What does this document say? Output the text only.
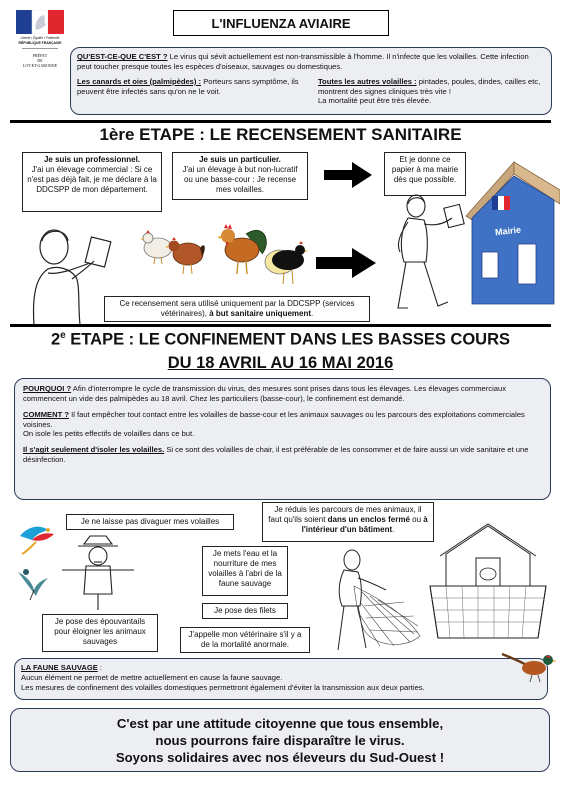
Liberté • Égalité • Fraternité
RÉPUBLIQUE FRANÇAISE
PRÉFET
DE
LOT-ET-GARONNE
L'INFLUENZA AVIAIRE
QU'EST-CE-QUE C'EST ? Le virus qui sévit actuellement est non-transmissible à l'homme. Il n'infecte que les volailles. Cette infection peut toucher presque toutes les espèces d'oiseaux, sauvages ou domestiques.
Les canards et oies (palmipèdes) : Porteurs sans symptôme, ils peuvent être infectés sans qu'on ne le voit.
Toutes les autres volailles : pintades, poules, dindes, cailles etc, montrent des signes cliniques très vite !
La mortalité peut être très élevée.
1ère ETAPE : LE RECENSEMENT SANITAIRE
Je suis un professionnel.
J'ai un élevage commercial : Si ce n'est pas déjà fait, je me déclare à la DDCSPP de mon département.
Je suis un particulier.
J'ai un élevage à but non-lucratif ou une basse-cour : Je recense mes volailles.
Et je donne ce papier à ma mairie dès que possible.
Mairie
Ce recensement sera utilisé uniquement par la DDCSPP (services vétérinaires), à but sanitaire uniquement.
2e ETAPE : LE CONFINEMENT DANS LES BASSES COURS
DU 18 AVRIL AU 16 MAI 2016
POURQUOI ? Afin d'interrompre le cycle de transmission du virus, des mesures sont prises dans tous les élevages. Les élevages commerciaux commencent un vide des palmipèdes au 18 avril. Chez les particuliers (basse-cour), le confinement est demandé.
COMMENT ? Il faut empêcher tout contact entre les volailles de basse-cour et les animaux sauvages ou les parcours des exploitations commerciales voisines.
On isole les petits effectifs de volailles dans ce but.
Il s'agit seulement d'isoler les volailles. Si ce sont des volailles de chair, il est préférable de les consommer et de faire aussi un vide sanitaire et une désinfection.
Je ne laisse pas divaguer mes volailles
Je réduis les parcours de mes animaux, il faut qu'ils soient dans un enclos fermé ou à l'intérieur d'un bâtiment.
Je mets l'eau et la nourriture de mes volailles à l'abri de la faune sauvage
Je pose des filets
Je pose des épouvantails pour éloigner les animaux sauvages
J'appelle mon vétérinaire s'il y a de la mortalité anormale.
LA FAUNE SAUVAGE :
Aucun élément ne permet de mettre actuellement en cause la faune sauvage.
Les mesures de confinement des volailles domestiques permettront également d'éviter la transmission aux deux parties.
C'est par une attitude citoyenne que tous ensemble,
nous pourrons faire disparaître le virus.
Soyons solidaires avec nos éleveurs du Sud-Ouest !
